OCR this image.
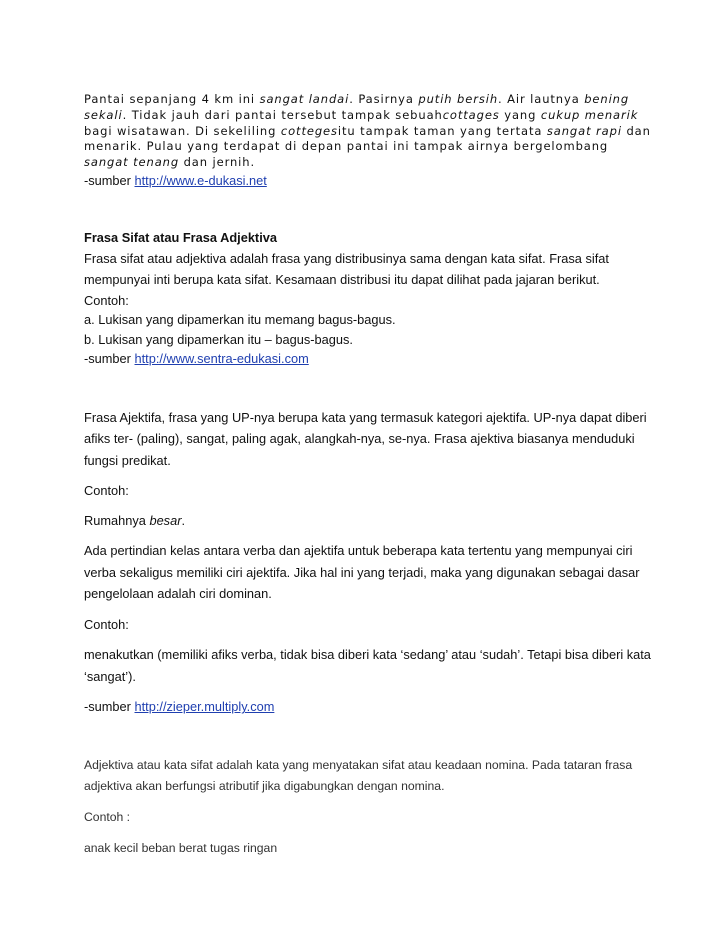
Pantai sepanjang 4 km ini sangat landai. Pasirnya putih bersih. Air lautnya bening sekali. Tidak jauh dari pantai tersebut tampak sebuahcottages yang cukup menarik bagi wisatawan. Di sekeliling cottegesitu tampak taman yang tertata sangat rapi dan menarik. Pulau yang terdapat di depan pantai ini tampak airnya bergelombang sangat tenang dan jernih.

-sumber http://www.e-dukasi.net

Frasa Sifat atau Frasa Adjektiva

Frasa sifat atau adjektiva adalah frasa yang distribusinya sama dengan kata sifat. Frasa sifat mempunyai inti berupa kata sifat. Kesamaan distribusi itu dapat dilihat pada jajaran berikut.

Contoh:

a. Lukisan yang dipamerkan itu memang bagus-bagus.

b. Lukisan yang dipamerkan itu – bagus-bagus.

-sumber http://www.sentra-edukasi.com

Frasa Ajektifa, frasa yang UP-nya berupa kata yang termasuk kategori ajektifa. UP-nya dapat diberi afiks ter- (paling), sangat, paling agak, alangkah-nya, se-nya. Frasa ajektiva biasanya menduduki fungsi predikat.

Contoh:

Rumahnya besar.

Ada pertindian kelas antara verba dan ajektifa untuk beberapa kata tertentu yang mempunyai ciri verba sekaligus memiliki ciri ajektifa. Jika hal ini yang terjadi, maka yang digunakan sebagai dasar pengelolaan adalah ciri dominan.

Contoh:

menakutkan (memiliki afiks verba, tidak bisa diberi kata ‘sedang’ atau ‘sudah’. Tetapi bisa diberi kata ‘sangat’).

-sumber http://zieper.multiply.com

Adjektiva atau kata sifat adalah kata yang menyatakan sifat atau keadaan nomina. Pada tataran frasa adjektiva akan berfungsi atributif jika digabungkan dengan nomina.

Contoh :

anak kecil beban berat tugas ringan
